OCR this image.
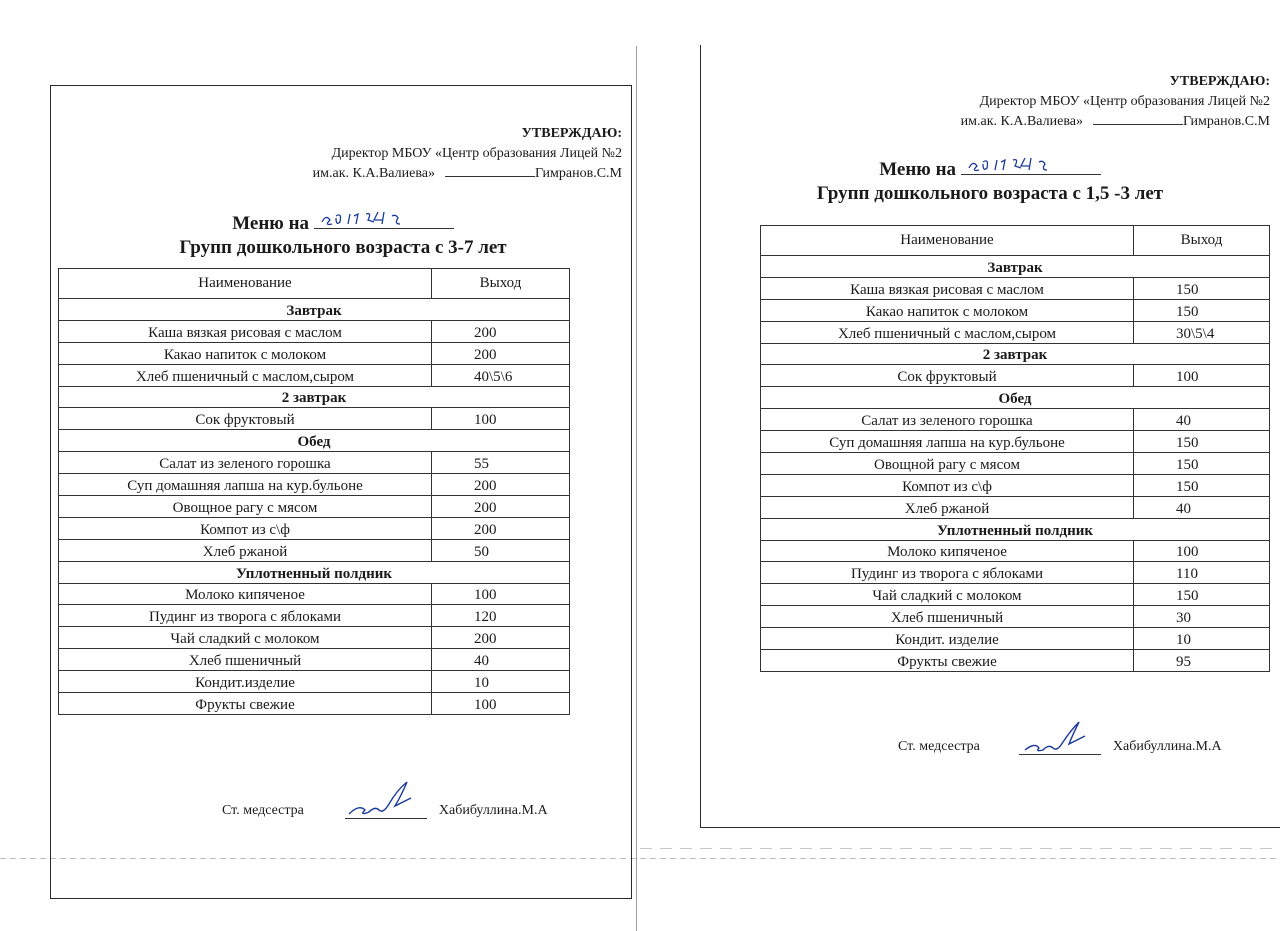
УТВЕРЖДАЮ:
Директор МБОУ «Центр образования Лицей №2
им.ак. К.А.Валиева»	Гимранов.С.М
Меню на
Групп дошкольного возраста с 3-7 лет
Наименование	Выход
Завтрак	
Каша вязкая рисовая с маслом	200
Какао напиток с молоком	200
Хлеб пшеничный с маслом,сыром	40\5\6
2 завтрак	
Сок фруктовый	100
Обед	
Салат из зеленого горошка	55
Суп домашняя лапша на кур.бульоне	200
Овощное рагу с мясом	200
Компот из с\ф	200
Хлеб ржаной	50
Уплотненный полдник	
Молоко кипяченое	100
Пудинг из творога с яблоками	120
Чай сладкий с молоком	200
Хлеб пшеничный	40
Кондит.изделие	10
Фрукты свежие	100
Ст. медсестра	Хабибуллина.М.А
УТВЕРЖДАЮ:
Директор МБОУ «Центр образования Лицей №2
им.ак. К.А.Валиева»	Гимранов.С.М
Меню на
Групп дошкольного возраста с 1,5 -3 лет
Наименование	Выход
Завтрак	
Каша вязкая рисовая с маслом	150
Какао напиток с молоком	150
Хлеб пшеничный с маслом,сыром	30\5\4
2 завтрак	
Сок фруктовый	100
Обед	
Салат из зеленого горошка	40
Суп домашняя лапша на кур.бульоне	150
Овощной рагу с мясом	150
Компот из с\ф	150
Хлеб ржаной	40
Уплотненный полдник	
Молоко кипяченое	100
Пудинг из творога с яблоками	110
Чай сладкий с молоком	150
Хлеб пшеничный	30
Кондит. изделие	10
Фрукты свежие	95
Ст. медсестра	Хабибуллина.М.А
